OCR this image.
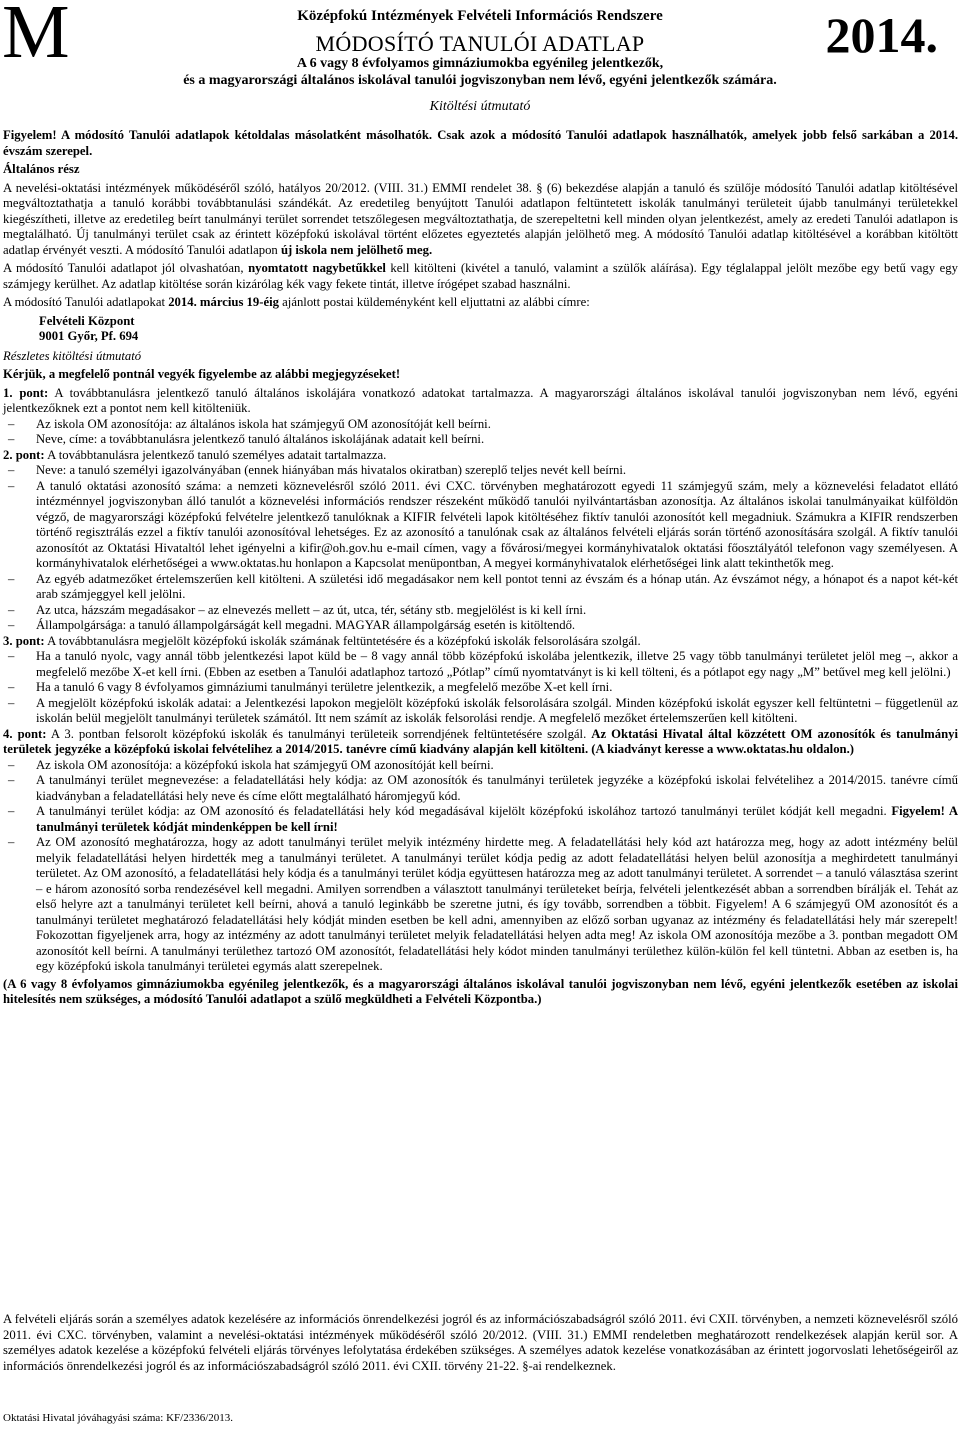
M	2014.
Középfokú Intézmények Felvételi Információs Rendszere
MÓDOSÍTÓ TANULÓI ADATLAP
A 6 vagy 8 évfolyamos gimnáziumokba egyénileg jelentkezők,
és a magyarországi általános iskolával tanulói jogviszonyban nem lévő, egyéni jelentkezők számára.
Kitöltési útmutató

Figyelem! A módosító Tanulói adatlapok kétoldalas másolatként másolhatók. Csak azok a módosító Tanulói adatlapok használhatók, amelyek jobb felső sarkában a 2014. évszám szerepel.

Általános rész

A nevelési-oktatási intézmények működéséről szóló, hatályos 20/2012. (VIII. 31.) EMMI rendelet 38. § (6) bekezdése alapján a tanuló és szülője módosító Tanulói adatlap kitöltésével megváltoztathatja a tanuló korábbi továbbtanulási szándékát. Az eredetileg benyújtott Tanulói adatlapon feltüntetett iskolák tanulmányi területeit újabb tanulmányi területekkel kiegészítheti, illetve az eredetileg beírt tanulmányi terület sorrendet tetszőlegesen megváltoztathatja, de szerepeltetni kell minden olyan jelentkezést, amely az eredeti Tanulói adatlapon is megtalálható. Új tanulmányi terület csak az érintett középfokú iskolával történt előzetes egyeztetés alapján jelölhető meg. A módosító Tanulói adatlap kitöltésével a korábban kitöltött adatlap érvényét veszti. A módosító Tanulói adatlapon új iskola nem jelölhető meg.

A módosító Tanulói adatlapot jól olvashatóan, nyomtatott nagybetűkkel kell kitölteni (kivétel a tanuló, valamint a szülők aláírása). Egy téglalappal jelölt mezőbe egy betű vagy egy számjegy kerülhet. Az adatlap kitöltése során kizárólag kék vagy fekete tintát, illetve írógépet szabad használni.

A módosító Tanulói adatlapokat 2014. március 19-éig ajánlott postai küldeményként kell eljuttatni az alábbi címre:

Felvételi Központ
9001 Győr, Pf. 694

Részletes kitöltési útmutató

Kérjük, a megfelelő pontnál vegyék figyelembe az alábbi megjegyzéseket!

1. pont: A továbbtanulásra jelentkező tanuló általános iskolájára vonatkozó adatokat tartalmazza. A magyarországi általános iskolával tanulói jogviszonyban nem lévő, egyéni jelentkezőknek ezt a pontot nem kell kitölteniük.

– Az iskola OM azonosítója: az általános iskola hat számjegyű OM azonosítóját kell beírni.
– Neve, címe: a továbbtanulásra jelentkező tanuló általános iskolájának adatait kell beírni.

2. pont: A továbbtanulásra jelentkező tanuló személyes adatait tartalmazza.

– Neve: a tanuló személyi igazolványában (ennek hiányában más hivatalos okiratban) szereplő teljes nevét kell beírni.
– A tanuló oktatási azonosító száma: a nemzeti köznevelésről szóló 2011. évi CXC. törvényben meghatározott egyedi 11 számjegyű szám, mely a köznevelési feladatot ellátó intézménnyel jogviszonyban álló tanulót a köznevelési információs rendszer részeként működő tanulói nyilvántartásban azonosítja. Az általános iskolai tanulmányaikat külföldön végző, de magyarországi középfokú felvételre jelentkező tanulóknak a KIFIR felvételi lapok kitöltéséhez fiktív tanulói azonosítót kell megadniuk. Számukra a KIFIR rendszerben történő regisztrálás ezzel a fiktív tanulói azonosítóval lehetséges. Ez az azonosító a tanulónak csak az általános felvételi eljárás során történő azonosítására szolgál. A fiktív tanulói azonosítót az Oktatási Hivataltól lehet igényelni a kifir@oh.gov.hu e-mail címen, vagy a fővárosi/megyei kormányhivatalok oktatási főosztályától telefonon vagy személyesen. A kormányhivatalok elérhetőségei a www.oktatas.hu honlapon a Kapcsolat menüpontban, A megyei kormányhivatalok elérhetőségei link alatt tekinthetők meg.
– Az egyéb adatmezőket értelemszerűen kell kitölteni. A születési idő megadásakor nem kell pontot tenni az évszám és a hónap után. Az évszámot négy, a hónapot és a napot két-két arab számjeggyel kell jelölni.
– Az utca, házszám megadásakor – az elnevezés mellett – az út, utca, tér, sétány stb. megjelölést is ki kell írni.
– Állampolgársága: a tanuló állampolgárságát kell megadni. MAGYAR állampolgárság esetén is kitöltendő.

3. pont: A továbbtanulásra megjelölt középfokú iskolák számának feltüntetésére és a középfokú iskolák felsorolására szolgál.

– Ha a tanuló nyolc, vagy annál több jelentkezési lapot küld be – 8 vagy annál több középfokú iskolába jelentkezik, illetve 25 vagy több tanulmányi területet jelöl meg –, akkor a megfelelő mezőbe X-et kell írni. (Ebben az esetben a Tanulói adatlaphoz tartozó „Pótlap” című nyomtatványt is ki kell tölteni, és a pótlapot egy nagy „M” betűvel meg kell jelölni.)
– Ha a tanuló 6 vagy 8 évfolyamos gimnáziumi tanulmányi területre jelentkezik, a megfelelő mezőbe X-et kell írni.
– A megjelölt középfokú iskolák adatai: a Jelentkezési lapokon megjelölt középfokú iskolák felsorolására szolgál. Minden középfokú iskolát egyszer kell feltüntetni – függetlenül az iskolán belül megjelölt tanulmányi területek számától. Itt nem számít az iskolák felsorolási rendje. A megfelelő mezőket értelemszerűen kell kitölteni.

4. pont: A 3. pontban felsorolt középfokú iskolák és tanulmányi területeik sorrendjének feltüntetésére szolgál. Az Oktatási Hivatal által közzétett OM azonosítók és tanulmányi területek jegyzéke a középfokú iskolai felvételihez a 2014/2015. tanévre című kiadvány alapján kell kitölteni. (A kiadványt keresse a www.oktatas.hu oldalon.)

– Az iskola OM azonosítója: a középfokú iskola hat számjegyű OM azonosítóját kell beírni.
– A tanulmányi terület megnevezése: a feladatellátási hely kódja: az OM azonosítók és tanulmányi területek jegyzéke a középfokú iskolai felvételihez a 2014/2015. tanévre című kiadványban a feladatellátási hely neve és címe előtt megtalálható háromjegyű kód.
– A tanulmányi terület kódja: az OM azonosító és feladatellátási hely kód megadásával kijelölt középfokú iskolához tartozó tanulmányi terület kódját kell megadni. Figyelem! A tanulmányi területek kódját mindenképpen be kell írni!
– Az OM azonosító meghatározza, hogy az adott tanulmányi terület melyik intézmény hirdette meg. A feladatellátási hely kód azt határozza meg, hogy az adott intézmény belül melyik feladatellátási helyen hirdették meg a tanulmányi területet. A tanulmányi terület kódja pedig az adott feladatellátási helyen belül azonosítja a meghirdetett tanulmányi területet. Az OM azonosító, a feladatellátási hely kódja és a tanulmányi terület kódja együttesen határozza meg az adott tanulmányi területet. A sorrendet – a tanuló választása szerint – e három azonosító sorba rendezésével kell megadni. Amilyen sorrendben a választott tanulmányi területeket beírja, felvételi jelentkezését abban a sorrendben bírálják el. Tehát az első helyre azt a tanulmányi területet kell beírni, ahová a tanuló leginkább be szeretne jutni, és így tovább, sorrendben a többit. Figyelem! A 6 számjegyű OM azonosítót és a tanulmányi területet meghatározó feladatellátási hely kódját minden esetben be kell adni, amennyiben az előző sorban ugyanaz az intézmény és feladatellátási hely már szerepelt! Fokozottan figyeljenek arra, hogy az intézmény az adott tanulmányi területet melyik feladatellátási helyen adta meg! Az iskola OM azonosítója mezőbe a 3. pontban megadott OM azonosítót kell beírni. A tanulmányi területhez tartozó OM azonosítót, feladatellátási hely kódot minden tanulmányi területhez külön-külön fel kell tüntetni. Abban az esetben is, ha egy középfokú iskola tanulmányi területei egymás alatt szerepelnek.

(A 6 vagy 8 évfolyamos gimnáziumokba egyénileg jelentkezők, és a magyarországi általános iskolával tanulói jogviszonyban nem lévő, egyéni jelentkezők esetében az iskolai hitelesítés nem szükséges, a módosító Tanulói adatlapot a szülő megküldheti a Felvételi Központba.)

A felvételi eljárás során a személyes adatok kezelésére az információs önrendelkezési jogról és az információszabadságról szóló 2011. évi CXII. törvényben, a nemzeti köznevelésről szóló 2011. évi CXC. törvényben, valamint a nevelési-oktatási intézmények működéséről szóló 20/2012. (VIII. 31.) EMMI rendeletben meghatározott rendelkezések alapján kerül sor. A személyes adatok kezelése a középfokú felvételi eljárás törvényes lefolytatása érdekében szükséges. A személyes adatok kezelése vonatkozásában az érintett jogorvoslati lehetőségeiről az információs önrendelkezési jogról és az információszabadságról szóló 2011. évi CXII. törvény 21-22. §-ai rendelkeznek.
Oktatási Hivatal jóváhagyási száma: KF/2336/2013.
